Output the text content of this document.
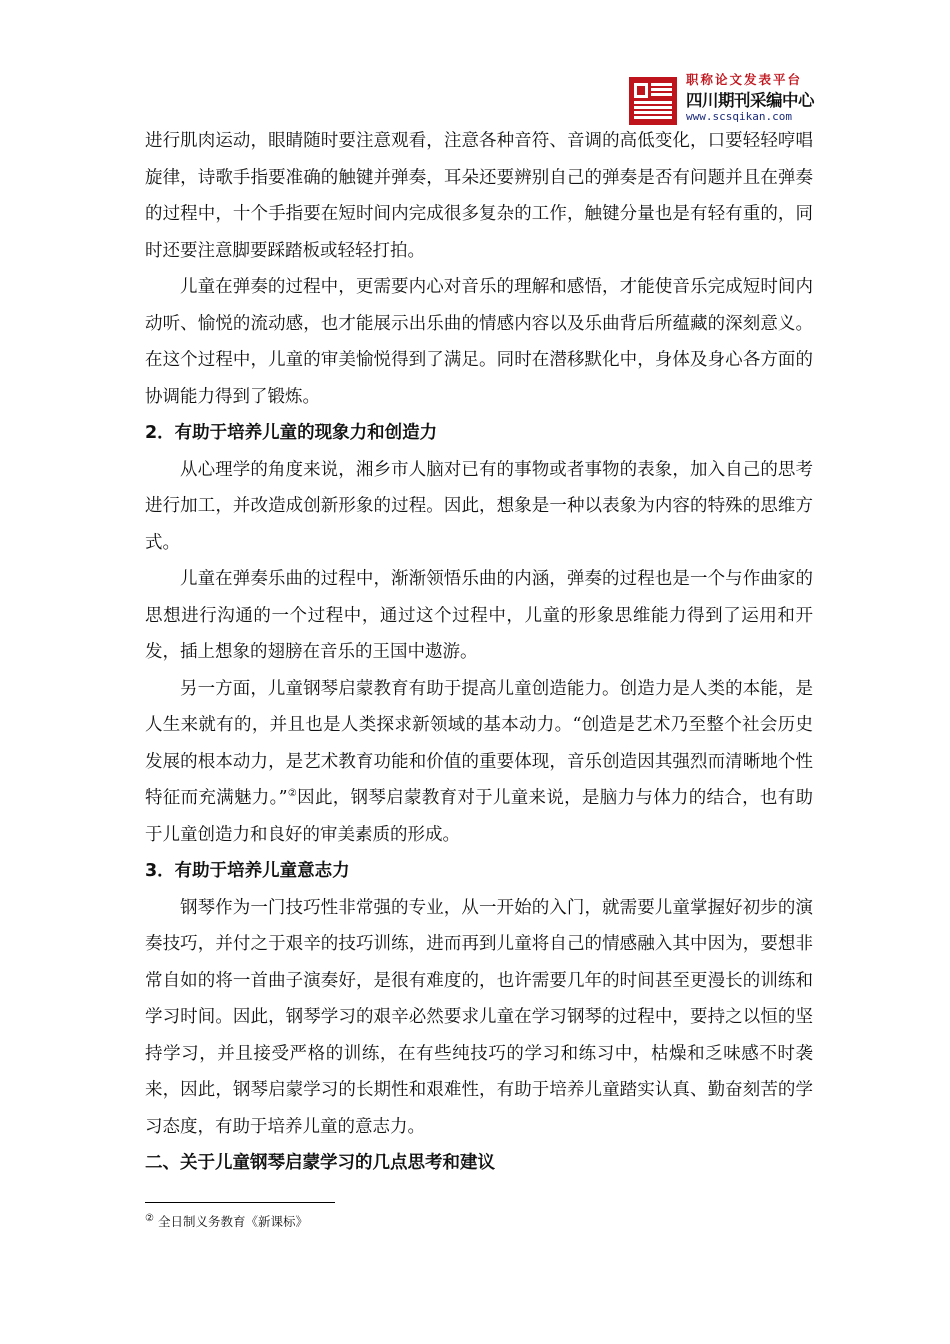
职称论文发表平台
四川期刊采编中心
www.scsqikan.com

进行肌肉运动，眼睛随时要注意观看，注意各种音符、音调的高低变化，口要轻轻哼唱旋律，诗歌手指要准确的触键并弹奏，耳朵还要辨别自己的弹奏是否有问题并且在弹奏的过程中，十个手指要在短时间内完成很多复杂的工作，触键分量也是有轻有重的，同时还要注意脚要踩踏板或轻轻打拍。

儿童在弹奏的过程中，更需要内心对音乐的理解和感悟，才能使音乐完成短时间内动听、愉悦的流动感，也才能展示出乐曲的情感内容以及乐曲背后所蕴藏的深刻意义。在这个过程中，儿童的审美愉悦得到了满足。同时在潜移默化中，身体及身心各方面的协调能力得到了锻炼。

2．有助于培养儿童的现象力和创造力

从心理学的角度来说，湘乡市人脑对已有的事物或者事物的表象，加入自己的思考进行加工，并改造成创新形象的过程。因此，想象是一种以表象为内容的特殊的思维方式。

儿童在弹奏乐曲的过程中，渐渐领悟乐曲的内涵，弹奏的过程也是一个与作曲家的思想进行沟通的一个过程中，通过这个过程中，儿童的形象思维能力得到了运用和开发，插上想象的翅膀在音乐的王国中遨游。

另一方面，儿童钢琴启蒙教育有助于提高儿童创造能力。创造力是人类的本能，是人生来就有的，并且也是人类探求新领域的基本动力。“创造是艺术乃至整个社会历史发展的根本动力，是艺术教育功能和价值的重要体现，音乐创造因其强烈而清晰地个性特征而充满魅力。”②因此，钢琴启蒙教育对于儿童来说，是脑力与体力的结合，也有助于儿童创造力和良好的审美素质的形成。

3．有助于培养儿童意志力

钢琴作为一门技巧性非常强的专业，从一开始的入门，就需要儿童掌握好初步的演奏技巧，并付之于艰辛的技巧训练，进而再到儿童将自己的情感融入其中因为，要想非常自如的将一首曲子演奏好，是很有难度的，也许需要几年的时间甚至更漫长的训练和学习时间。因此，钢琴学习的艰辛必然要求儿童在学习钢琴的过程中，要持之以恒的坚持学习，并且接受严格的训练，在有些纯技巧的学习和练习中，枯燥和乏味感不时袭来，因此，钢琴启蒙学习的长期性和艰难性，有助于培养儿童踏实认真、勤奋刻苦的学习态度，有助于培养儿童的意志力。

二、关于儿童钢琴启蒙学习的几点思考和建议

② 全日制义务教育《新课标》
